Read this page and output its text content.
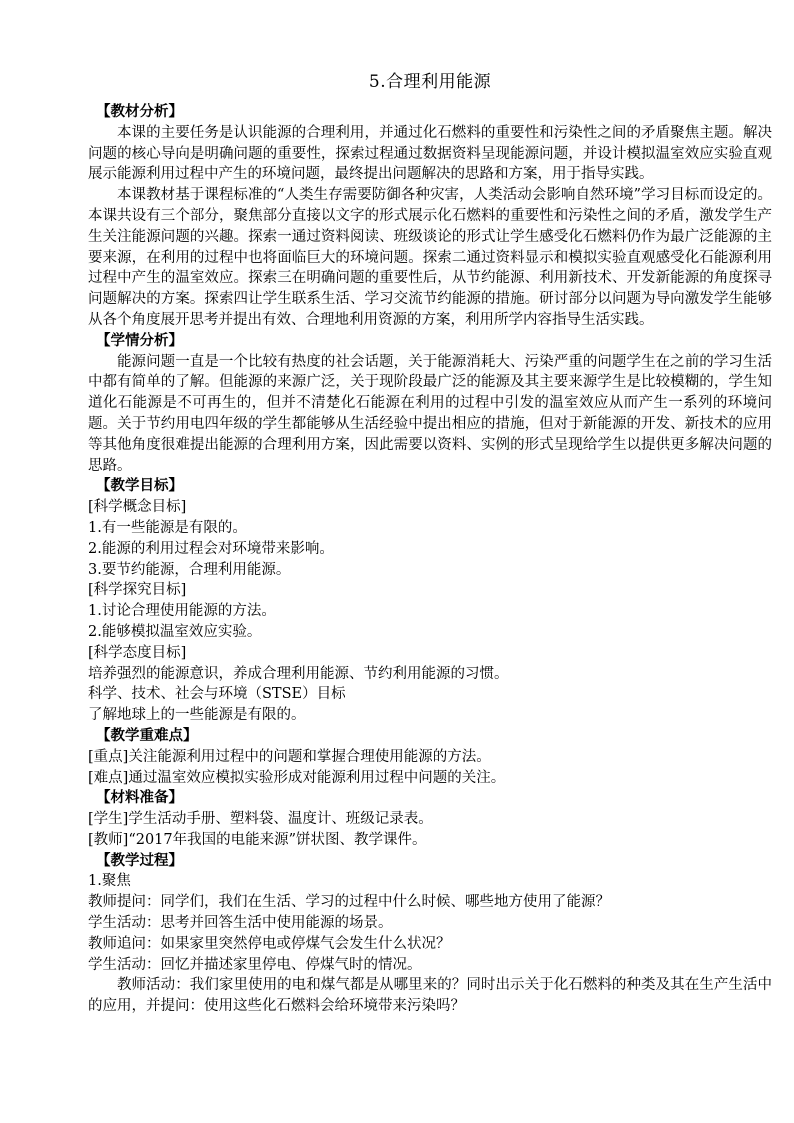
5.合理利用能源
【教材分析】

本课的主要任务是认识能源的合理利用，并通过化石燃料的重要性和污染性之间的矛盾聚焦主题。解决问题的核心导向是明确问题的重要性，探索过程通过数据资料呈现能源问题，并设计模拟温室效应实验直观展示能源利用过程中产生的环境问题，最终提出问题解决的思路和方案，用于指导实践。

本课教材基于课程标准的“人类生存需要防御各种灾害，人类活动会影响自然环境”学习目标而设定的。本课共设有三个部分，聚焦部分直接以文字的形式展示化石燃料的重要性和污染性之间的矛盾，激发学生产生关注能源问题的兴趣。探索一通过资料阅读、班级谈论的形式让学生感受化石燃料仍作为最广泛能源的主要来源，在利用的过程中也将面临巨大的环境问题。探索二通过资料显示和模拟实验直观感受化石能源利用过程中产生的温室效应。探索三在明确问题的重要性后，从节约能源、利用新技术、开发新能源的角度探寻问题解决的方案。探索四让学生联系生活、学习交流节约能源的措施。研讨部分以问题为导向激发学生能够从各个角度展开思考并提出有效、合理地利用资源的方案，利用所学内容指导生活实践。

【学情分析】

能源问题一直是一个比较有热度的社会话题，关于能源消耗大、污染严重的问题学生在之前的学习生活中都有简单的了解。但能源的来源广泛，关于现阶段最广泛的能源及其主要来源学生是比较模糊的，学生知道化石能源是不可再生的，但并不清楚化石能源在利用的过程中引发的温室效应从而产生一系列的环境问题。关于节约用电四年级的学生都能够从生活经验中提出相应的措施，但对于新能源的开发、新技术的应用等其他角度很难提出能源的合理利用方案，因此需要以资料、实例的形式呈现给学生以提供更多解决问题的思路。

【教学目标】

[科学概念目标]

1.有一些能源是有限的。

2.能源的利用过程会对环境带来影响。

3.要节约能源，合理利用能源。

[科学探究目标]

1.讨论合理使用能源的方法。

2.能够模拟温室效应实验。

[科学态度目标]

培养强烈的能源意识，养成合理利用能源、节约利用能源的习惯。

科学、技术、社会与环境（STSE）目标

了解地球上的一些能源是有限的。

【教学重难点】

[重点]关注能源利用过程中的问题和掌握合理使用能源的方法。

[难点]通过温室效应模拟实验形成对能源利用过程中问题的关注。

【材料准备】

[学生]学生活动手册、塑料袋、温度计、班级记录表。

[教师]“2017年我国的电能来源”饼状图、教学课件。

【教学过程】

1.聚焦

教师提问：同学们，我们在生活、学习的过程中什么时候、哪些地方使用了能源？

学生活动：思考并回答生活中使用能源的场景。

教师追问：如果家里突然停电或停煤气会发生什么状况？

学生活动：回忆并描述家里停电、停煤气时的情况。

教师活动：我们家里使用的电和煤气都是从哪里来的？同时出示关于化石燃料的种类及其在生产生活中的应用，并提问：使用这些化石燃料会给环境带来污染吗？
